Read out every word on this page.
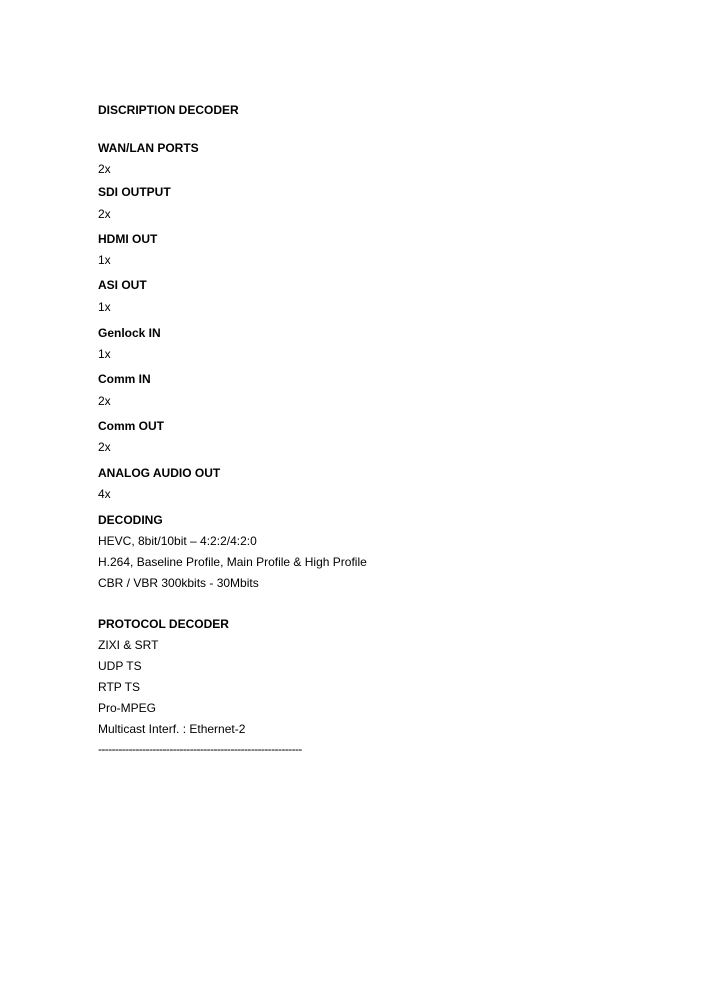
DISCRIPTION DECODER
WAN/LAN PORTS
2x
SDI OUTPUT
2x
HDMI OUT
1x
ASI OUT
1x
Genlock IN
1x
Comm IN
2x
Comm OUT
2x
ANALOG AUDIO OUT
4x
DECODING
HEVC, 8bit/10bit – 4:2:2/4:2:0
H.264, Baseline Profile, Main Profile & High Profile
CBR / VBR 300kbits - 30Mbits
PROTOCOL DECODER
ZIXI & SRT
UDP TS
RTP TS
Pro-MPEG
Multicast Interf. : Ethernet-2
------------------------------------------------------------
